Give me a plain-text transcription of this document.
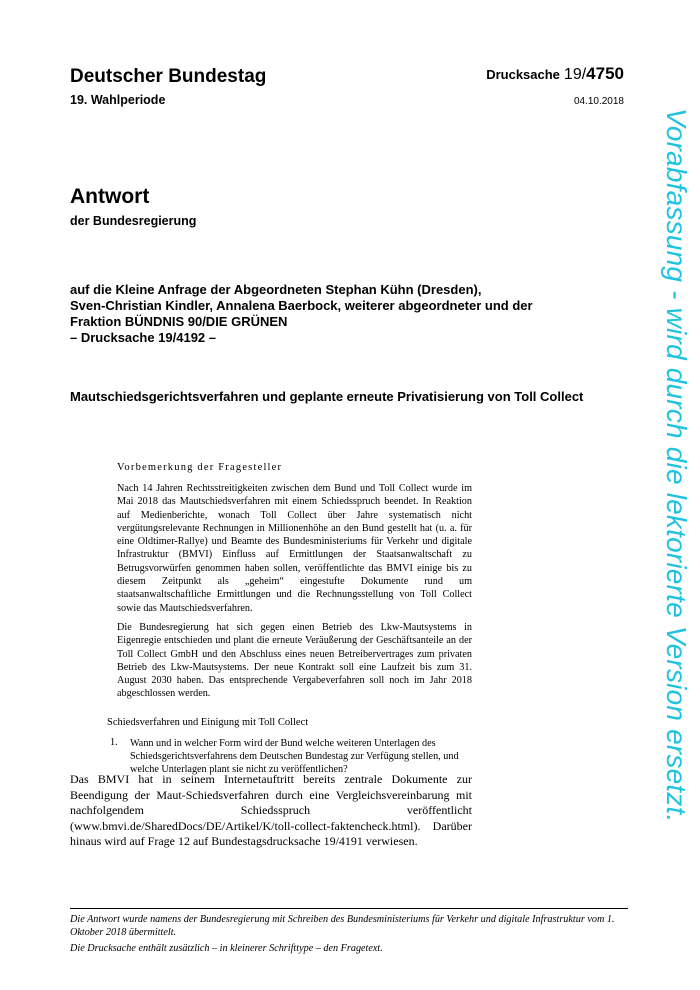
Deutscher Bundestag
19. Wahlperiode
Drucksache 19/4750
04.10.2018
Antwort
der Bundesregierung
auf die Kleine Anfrage der Abgeordneten Stephan Kühn (Dresden),
Sven-Christian Kindler, Annalena Baerbock, weiterer abgeordneter und der
Fraktion BÜNDNIS 90/DIE GRÜNEN
– Drucksache 19/4192 –
Mautschiedsgerichtsverfahren und geplante erneute Privatisierung von Toll Collect
Vorbemerkung der Fragesteller

Nach 14 Jahren Rechtsstreitigkeiten zwischen dem Bund und Toll Collect wurde im Mai 2018 das Mautschiedsverfahren mit einem Schiedsspruch beendet. In Reaktion auf Medienberichte, wonach Toll Collect über Jahre systematisch nicht vergütungsrelevante Rechnungen in Millionenhöhe an den Bund gestellt hat (u. a. für eine Oldtimer-Rallye) und Beamte des Bundesministeriums für Verkehr und digitale Infrastruktur (BMVI) Einfluss auf Ermittlungen der Staatsanwaltschaft zu Betrugsvorwürfen genommen haben sollen, veröffentlichte das BMVI einige bis zu diesem Zeitpunkt als „geheim“ eingestufte Dokumente rund um staatsanwaltschaftliche Ermittlungen und die Rechnungsstellung von Toll Collect sowie das Mautschiedsverfahren.

Die Bundesregierung hat sich gegen einen Betrieb des Lkw-Mautsystems in Eigenregie entschieden und plant die erneute Veräußerung der Geschäftsanteile an der Toll Collect GmbH und den Abschluss eines neuen Betreibervertrages zum privaten Betrieb des Lkw-Mautsystems. Der neue Kontrakt soll eine Laufzeit bis zum 31. August 2030 haben. Das entsprechende Vergabeverfahren soll noch im Jahr 2018 abgeschlossen werden.

Schiedsverfahren und Einigung mit Toll Collect
1. Wann und in welcher Form wird der Bund welche weiteren Unterlagen des Schiedsgerichtsverfahrens dem Deutschen Bundestag zur Verfügung stellen, und welche Unterlagen plant sie nicht zu veröffentlichen?
Das BMVI hat in seinem Internetauftritt bereits zentrale Dokumente zur Beendigung der Maut-Schiedsverfahren durch eine Vergleichsvereinbarung mit nachfolgendem Schiedsspruch veröffentlicht (www.bmvi.de/SharedDocs/DE/Artikel/K/toll-collect-faktencheck.html). Darüber hinaus wird auf Frage 12 auf Bundestagsdrucksache 19/4191 verwiesen.

Die Antwort wurde namens der Bundesregierung mit Schreiben des Bundesministeriums für Verkehr und digitale Infrastruktur vom 1. Oktober 2018 übermittelt.

Die Drucksache enthält zusätzlich – in kleinerer Schrifttype – den Fragetext.

Vorabfassung - wird durch die lektorierte Version ersetzt.
